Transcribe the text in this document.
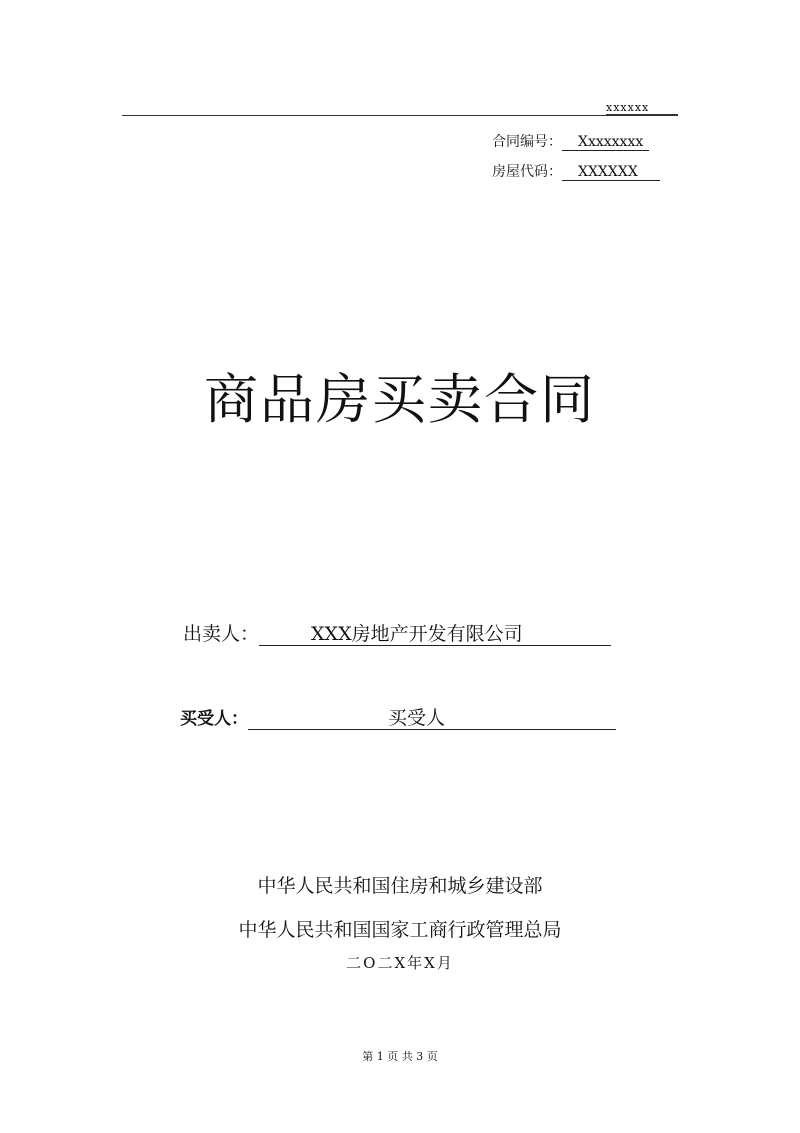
xxxxxx
合同编号： Xxxxxxxx
房屋代码： XXXXXX
商品房买卖合同
出卖人：	XXX房地产开发有限公司
买受人：	买受人
中华人民共和国住房和城乡建设部
中华人民共和国国家工商行政管理总局
二O二X年X月
第 1 页 共 3 页
